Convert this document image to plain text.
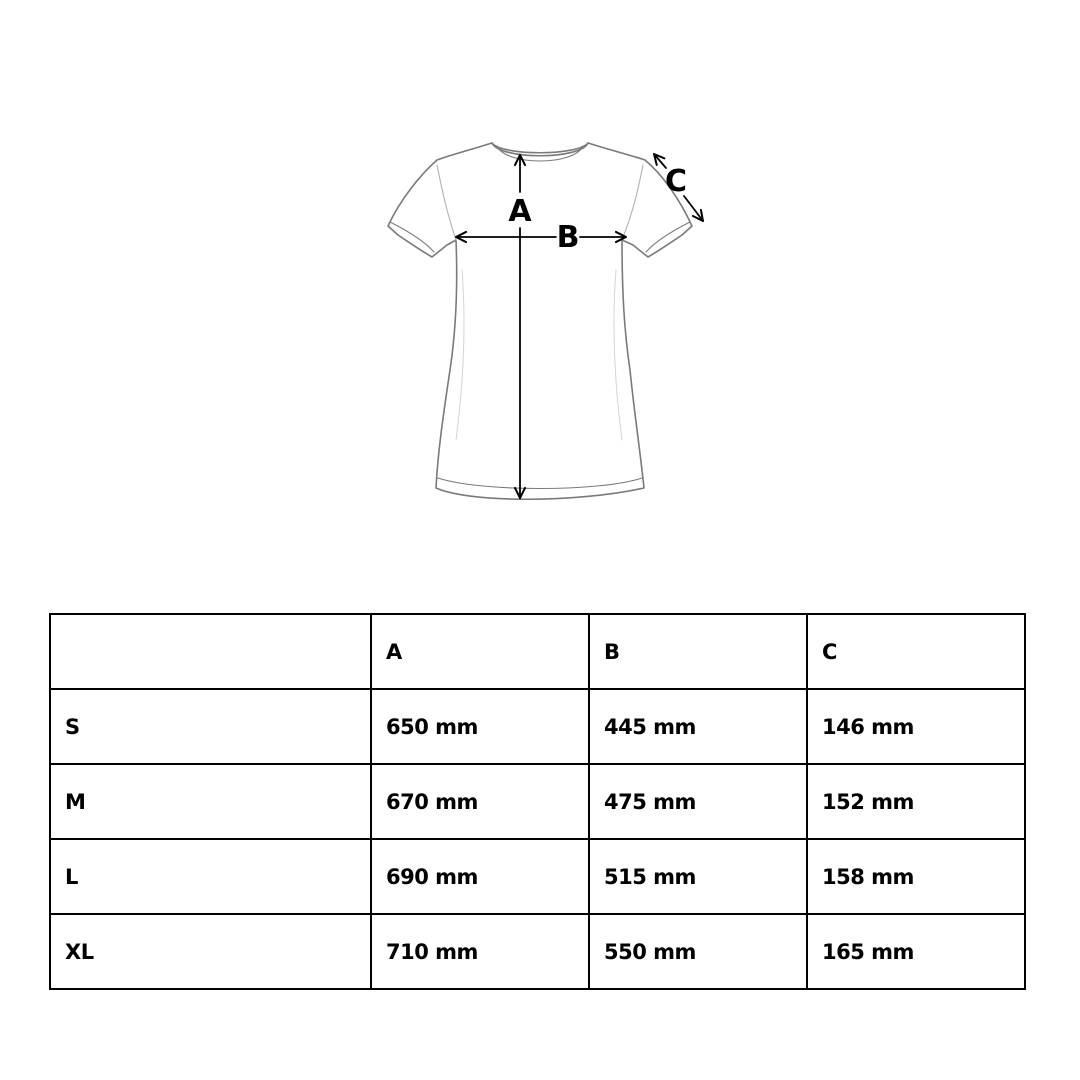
A
B
C
	A	B	C
S	650 mm	445 mm	146 mm
M	670 mm	475 mm	152 mm
L	690 mm	515 mm	158 mm
XL	710 mm	550 mm	165 mm
